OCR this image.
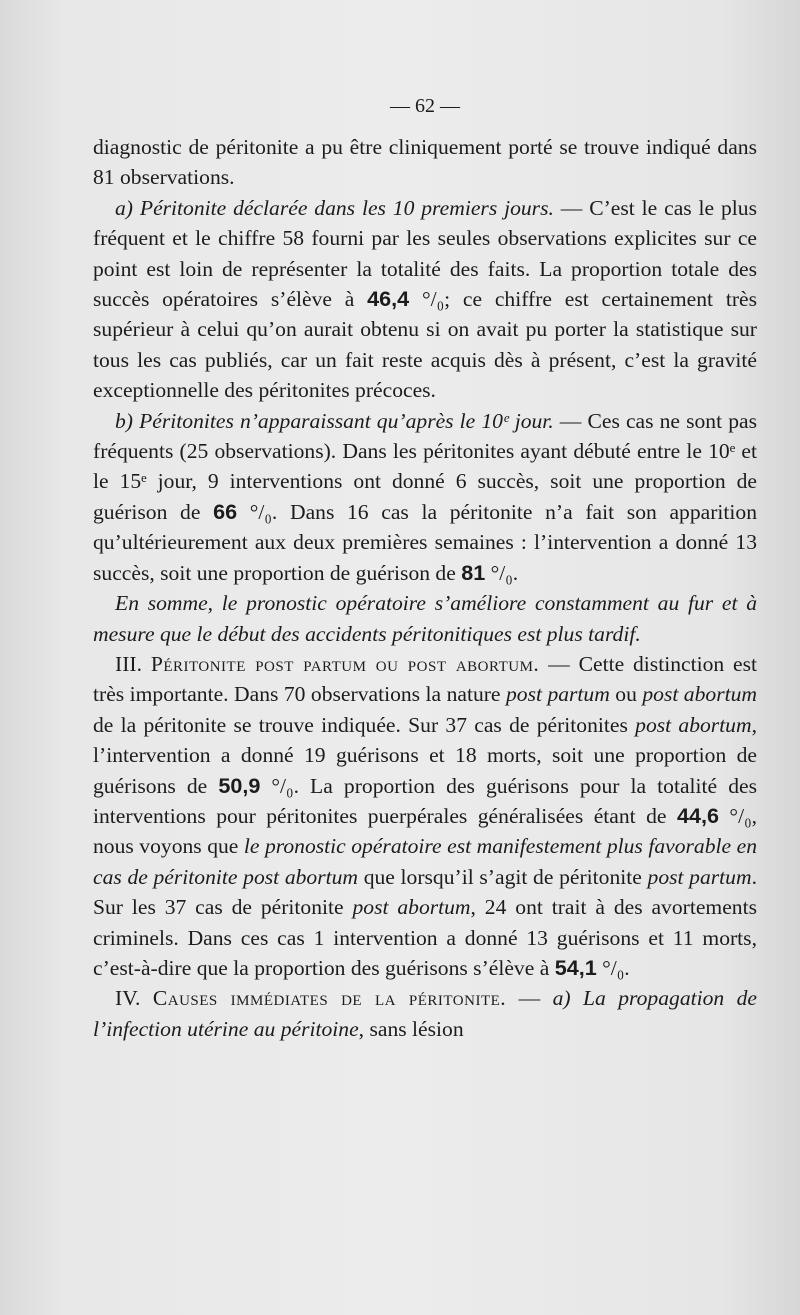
— 62 —

diagnostic de péritonite a pu être cliniquement porté se trouve indiqué dans 81 observations.

a) Péritonite déclarée dans les 10 premiers jours. — C’est le cas le plus fréquent et le chiffre 58 fourni par les seules observations explicites sur ce point est loin de représenter la totalité des faits. La proportion totale des succès opératoires s’élève à 46,4 °/₀; ce chiffre est certainement très supérieur à celui qu’on aurait obtenu si on avait pu porter la statistique sur tous les cas publiés, car un fait reste acquis dès à présent, c’est la gravité exceptionnelle des péritonites précoces.

b) Péritonites n’apparaissant qu’après le 10ᵉ jour. — Ces cas ne sont pas fréquents (25 observations). Dans les péritonites ayant débuté entre le 10ᵉ et le 15ᵉ jour, 9 interventions ont donné 6 succès, soit une proportion de guérison de 66 °/₀. Dans 16 cas la péritonite n’a fait son apparition qu’ultérieurement aux deux premières semaines : l’intervention a donné 13 succès, soit une proportion de guérison de 81 °/₀.

En somme, le pronostic opératoire s’améliore constamment au fur et à mesure que le début des accidents péritonitiques est plus tardif.

III. Péritonite post partum ou post abortum. — Cette distinction est très importante. Dans 70 observations la nature post partum ou post abortum de la péritonite se trouve indiquée. Sur 37 cas de péritonites post abortum, l’intervention a donné 19 guérisons et 18 morts, soit une proportion de guérisons de 50,9 °/₀. La proportion des guérisons pour la totalité des interventions pour péritonites puerpérales généralisées étant de 44,6 °/₀, nous voyons que le pronostic opératoire est manifestement plus favorable en cas de péritonite post abortum que lorsqu’il s’agit de péritonite post partum. Sur les 37 cas de péritonite post abortum, 24 ont trait à des avortements criminels. Dans ces cas 1 intervention a donné 13 guérisons et 11 morts, c’est-à-dire que la proportion des guérisons s’élève à 54,1 °/₀.

IV. Causes immédiates de la péritonite. — a) La propagation de l’infection utérine au péritoine, sans lésion
